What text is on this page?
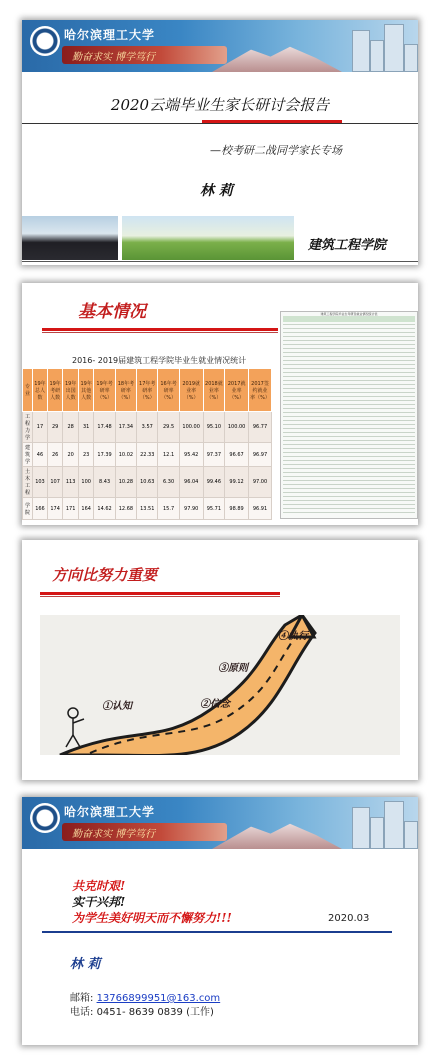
哈尔滨理工大学
勤奋求实 博学笃行
2020云端毕业生家长研讨会报告
—校考研二战同学家长专场
林 莉
建筑工程学院
基本情况
2016- 2019届建筑工程学院毕业生就业情况统计
专业	19年总人数	19年考研人数	19年出国人数	19年其他人数	19年考研率（%）	18年考研率（%）	17年考研率（%）	16年考研率（%）	2019就业率（%）	2018就业率（%）	2017就业率（%）	2017签约就业率（%）
工程力学	17	29	28	31	17.48	17.34	3.57	29.5	100.00	95.10	100.00	96.77
建筑学	46	26	20	23	17.39	10.02	22.33	12.1	95.42	97.37	96.67	96.97
土木工程	103	107	113	100	8.43	10.28	10.63	6.30	96.04	99.46	99.12	97.00
学院	166	174	171	164	14.62	12.68	13.51	15.7	97.90	95.71	98.89	96.91
建筑工程学院毕业生考研及就业情况统计表
方向比努力重要
①认知	②信念
③原则
④执行
哈尔滨理工大学
勤奋求实 博学笃行
共克时艰!
实干兴邦!
为学生美好明天而不懈努力!!!	2020.03
林 莉
邮箱: 13766899951@163.com
电话: 0451- 8639 0839 (工作)
